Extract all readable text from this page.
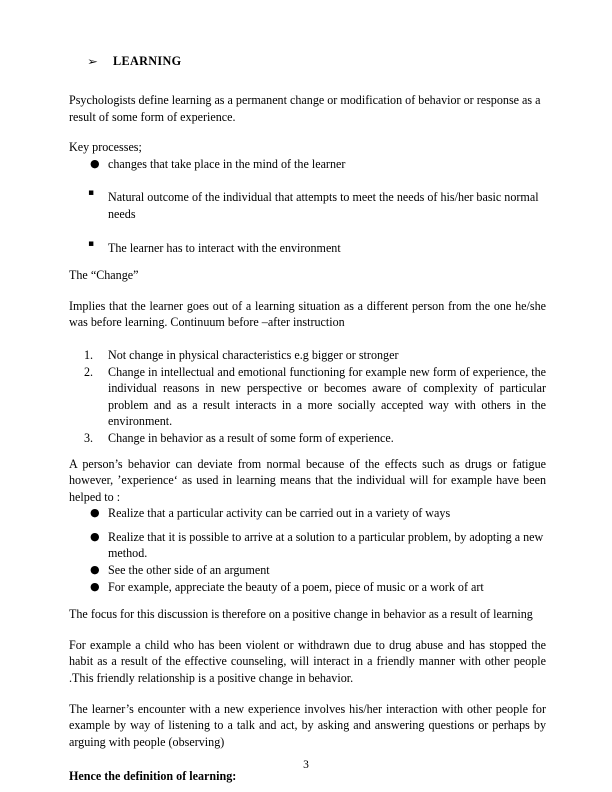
➢	LEARNING

Psychologists define learning as a permanent change or modification of behavior or response as a result of some form of experience.

Key processes;

● changes that take place in the mind of the learner
▪ Natural outcome of the individual that attempts to meet the needs of his/her basic normal needs
▪ The learner has to interact with the environment

The “Change”

Implies that the learner goes out of a learning situation as a different person from the one he/she was before learning. Continuum before –after instruction

1.	Not change in physical characteristics e.g bigger or stronger
2.	Change in intellectual and emotional functioning for example new form of experience, the individual reasons in new perspective or becomes aware of complexity of particular problem and as a result interacts in a more socially accepted way with others in the environment.
3.	Change in behavior as a result of some form of experience.

A person’s behavior can deviate from normal because of the effects such as drugs or fatigue however, ’experience‘ as used in learning means that the individual will for example have been helped to :

● Realize that a particular activity can be carried out in a variety of ways
● Realize that it is possible to arrive at a solution to a particular problem, by adopting a new method.
● See the other side of an argument
● For example, appreciate the beauty of a poem, piece of music or a work of art

The focus for this discussion is therefore on a positive change in behavior as a result of learning

For example a child who has been violent or withdrawn due to drug abuse and has stopped the habit as a result of the effective counseling, will interact in a friendly manner with other people .This friendly relationship is a positive change in behavior.

The learner’s encounter with a new experience involves his/her interaction with other people for example by way of listening to a talk and act, by asking and answering questions or perhaps by arguing with people (observing)

Hence the definition of learning:

3
